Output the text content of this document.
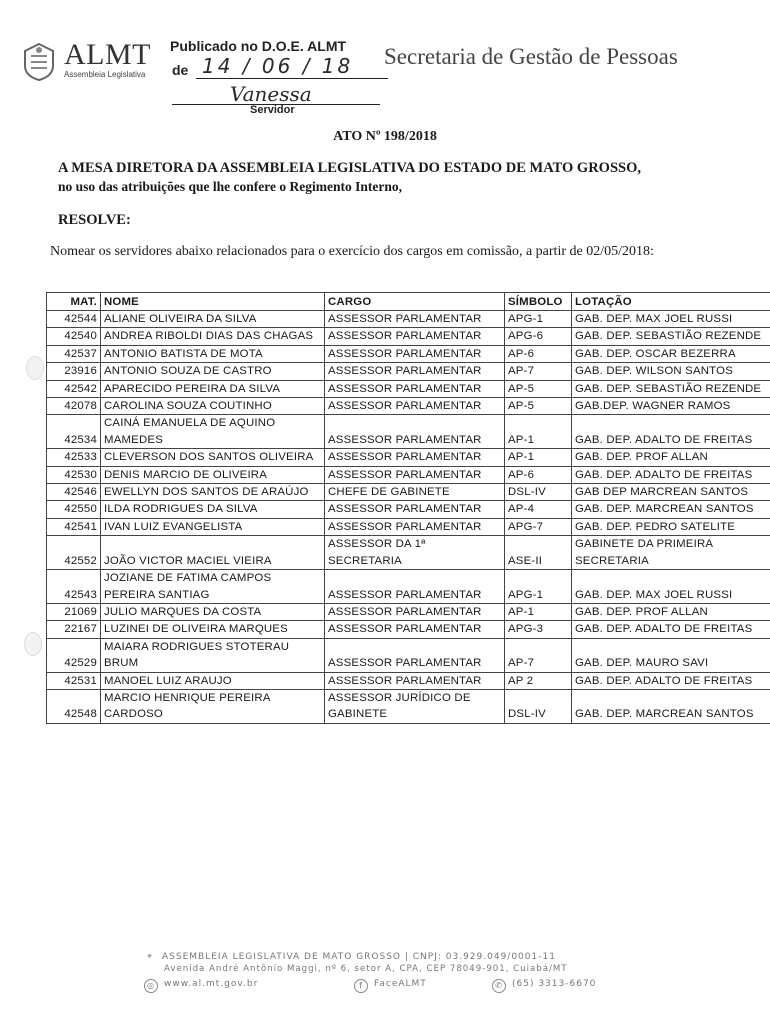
ALMT
Assembleia Legislativa
Publicado no D.O.E. ALMT
de 14 / 06 / 18
Vanessa
Servidor
Secretaria de Gestão de Pessoas
ATO Nº 198/2018
A MESA DIRETORA DA ASSEMBLEIA LEGISLATIVA DO ESTADO DE MATO GROSSO,
no uso das atribuições que lhe confere o Regimento Interno,
RESOLVE:
Nomear os servidores abaixo relacionados para o exercício dos cargos em comissão, a partir de 02/05/2018:
MAT.	NOME	CARGO	SÍMBOLO	LOTAÇÃO
42544	ALIANE OLIVEIRA DA SILVA	ASSESSOR PARLAMENTAR	APG-1	GAB. DEP. MAX JOEL RUSSI
42540	ANDREA RIBOLDI DIAS DAS CHAGAS	ASSESSOR PARLAMENTAR	APG-6	GAB. DEP. SEBASTIÃO REZENDE
42537	ANTONIO BATISTA DE MOTA	ASSESSOR PARLAMENTAR	AP-6	GAB. DEP. OSCAR BEZERRA
23916	ANTONIO SOUZA DE CASTRO	ASSESSOR PARLAMENTAR	AP-7	GAB. DEP. WILSON SANTOS
42542	APARECIDO PEREIRA DA SILVA	ASSESSOR PARLAMENTAR	AP-5	GAB. DEP. SEBASTIÃO REZENDE
42078	CAROLINA SOUZA COUTINHO	ASSESSOR PARLAMENTAR	AP-5	GAB.DEP. WAGNER RAMOS
42534	CAINÁ EMANUELA DE AQUINO MAMEDES	ASSESSOR PARLAMENTAR	AP-1	GAB. DEP. ADALTO DE FREITAS
42533	CLEVERSON DOS SANTOS OLIVEIRA	ASSESSOR PARLAMENTAR	AP-1	GAB. DEP. PROF ALLAN
42530	DENIS MARCIO DE OLIVEIRA	ASSESSOR PARLAMENTAR	AP-6	GAB. DEP. ADALTO DE FREITAS
42546	EWELLYN DOS SANTOS DE ARAÚJO	CHEFE DE GABINETE	DSL-IV	GAB DEP MARCREAN SANTOS
42550	ILDA RODRIGUES DA SILVA	ASSESSOR PARLAMENTAR	AP-4	GAB. DEP. MARCREAN SANTOS
42541	IVAN LUIZ EVANGELISTA	ASSESSOR PARLAMENTAR	APG-7	GAB. DEP. PEDRO SATELITE
42552	JOÃO VICTOR MACIEL VIEIRA	ASSESSOR DA 1ª SECRETARIA	ASE-II	GABINETE DA PRIMEIRA SECRETARIA
42543	JOZIANE DE FATIMA CAMPOS PEREIRA SANTIAG	ASSESSOR PARLAMENTAR	APG-1	GAB. DEP. MAX JOEL RUSSI
21069	JULIO MARQUES DA COSTA	ASSESSOR PARLAMENTAR	AP-1	GAB. DEP. PROF ALLAN
22167	LUZINEI DE OLIVEIRA MARQUES	ASSESSOR PARLAMENTAR	APG-3	GAB. DEP. ADALTO DE FREITAS
42529	MAIARA RODRIGUES STOTERAU BRUM	ASSESSOR PARLAMENTAR	AP-7	GAB. DEP. MAURO SAVI
42531	MANOEL LUIZ ARAUJO	ASSESSOR PARLAMENTAR	AP 2	GAB. DEP. ADALTO DE FREITAS
42548	MARCIO HENRIQUE PEREIRA CARDOSO	ASSESSOR JURÍDICO DE GABINETE	DSL-IV	GAB. DEP. MARCREAN SANTOS
⌖ ASSEMBLEIA LEGISLATIVA DE MATO GROSSO | CNPJ: 03.929.049/0001-11
Avenida André Antônio Maggi, nº 6, setor A, CPA, CEP 78049-901, Cuiabá/MT
◎ www.al.mt.gov.br	f FaceALMT	✆ (65) 3313-6670
